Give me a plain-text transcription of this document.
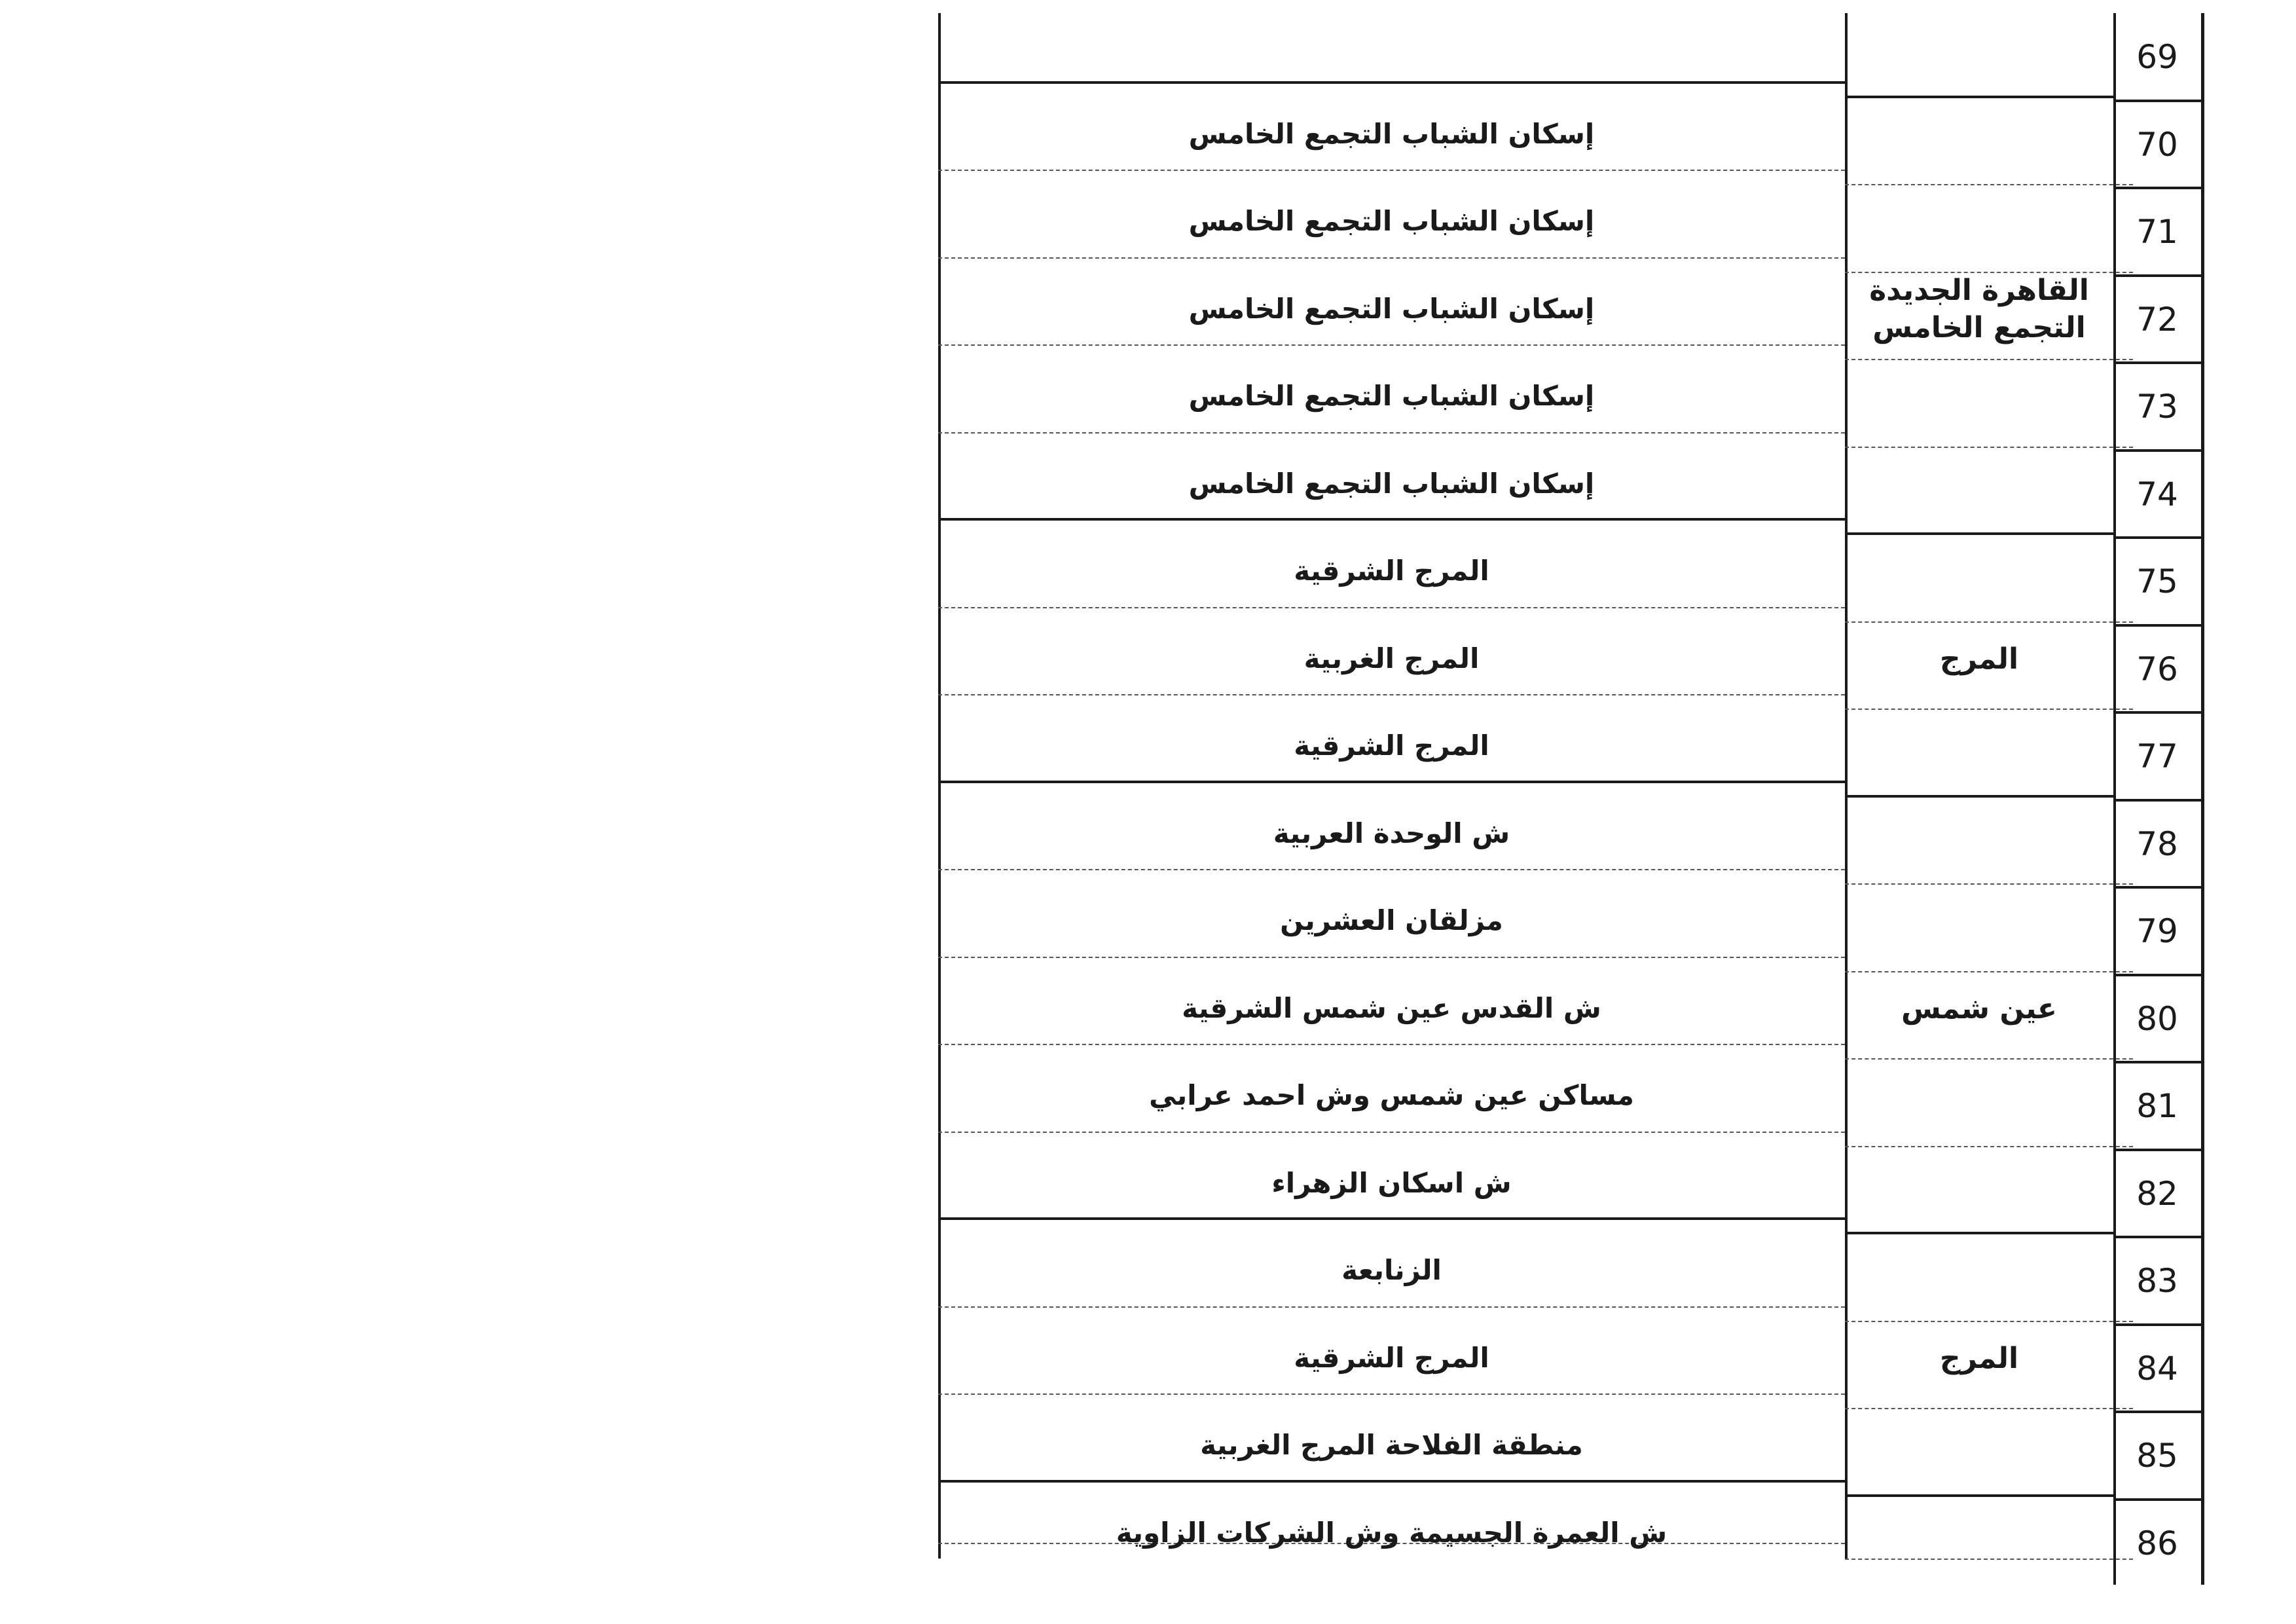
69
70
إسكان الشباب التجمع الخامس
71
إسكان الشباب التجمع الخامس
72
إسكان الشباب التجمع الخامس
73
إسكان الشباب التجمع الخامس
74
إسكان الشباب التجمع الخامس
75
المرج الشرقية
76
المرج الغربية
77
المرج الشرقية
78
ش الوحدة العربية
79
مزلقان العشرين
80
ش القدس عين شمس الشرقية
81
مساكن عين شمس وش احمد عرابي
82
ش اسكان الزهراء
83
الزنابعة
84
المرج الشرقية
85
منطقة الفلاحة المرج الغربية
86
ش العمرة الجسيمة وش الشركات الزاوية
القاهرة الجديدة
التجمع الخامس
المرج
عين شمس
المرج
